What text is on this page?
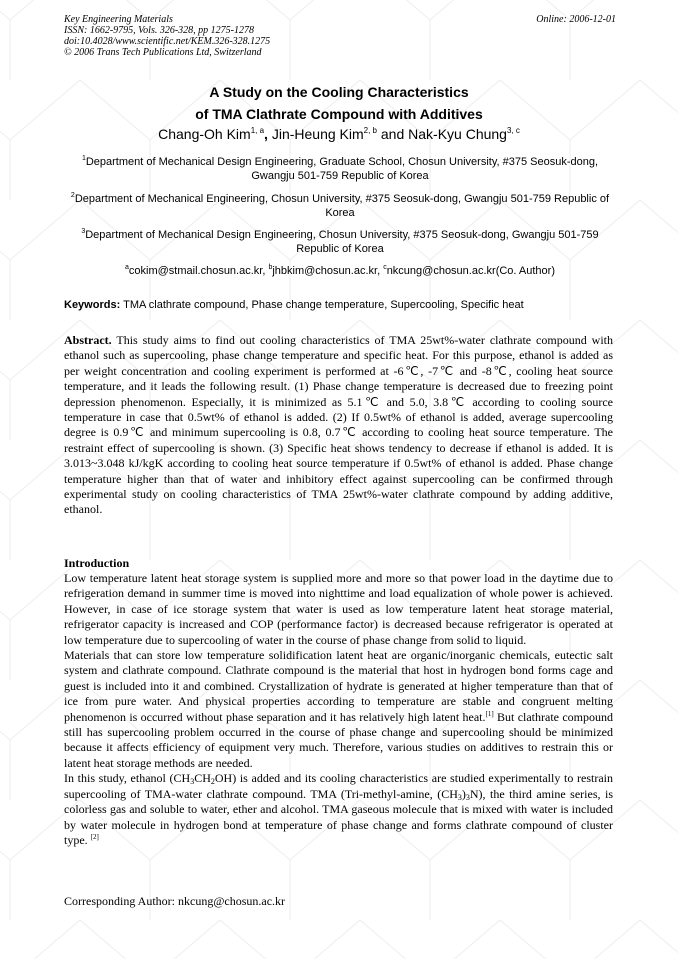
Key Engineering Materials
ISSN: 1662-9795, Vols. 326-328, pp 1275-1278
doi:10.4028/www.scientific.net/KEM.326-328.1275
© 2006 Trans Tech Publications Ltd, Switzerland
Online: 2006-12-01
A Study on the Cooling Characteristics
of TMA Clathrate Compound with Additives
Chang-Oh Kim$^{1, a}$, Jin-Heung Kim$^{2, b}$ and Nak-Kyu Chung$^{3, c}$
$^1$Department of Mechanical Design Engineering, Graduate School, Chosun University, #375 Seosuk-dong, Gwangju 501-759 Republic of Korea
$^2$Department of Mechanical Engineering, Chosun University, #375 Seosuk-dong, Gwangju 501-759 Republic of Korea
$^3$Department of Mechanical Design Engineering, Chosun University, #375 Seosuk-dong, Gwangju 501-759 Republic of Korea
$^a$cokim@stmail.chosun.ac.kr, $^b$jhbkim@chosun.ac.kr, $^c$nkcung@chosun.ac.kr(Co. Author)
Keywords: TMA clathrate compound, Phase change temperature, Supercooling, Specific heat

Abstract. This study aims to find out cooling characteristics of TMA 25wt%-water clathrate compound with ethanol such as supercooling, phase change temperature and specific heat. For this purpose, ethanol is added as per weight concentration and cooling experiment is performed at -6℃, -7℃ and -8℃, cooling heat source temperature, and it leads the following result. (1) Phase change temperature is decreased due to freezing point depression phenomenon. Especially, it is minimized as 5.1℃ and 5.0, 3.8℃ according to cooling source temperature in case that 0.5wt% of ethanol is added. (2) If 0.5wt% of ethanol is added, average supercooling degree is 0.9℃ and minimum supercooling is 0.8, 0.7℃ according to cooling heat source temperature. The restraint effect of supercooling is shown. (3) Specific heat shows tendency to decrease if ethanol is added. It is 3.013~3.048 kJ/kgK according to cooling heat source temperature if 0.5wt% of ethanol is added. Phase change temperature higher than that of water and inhibitory effect against supercooling can be confirmed through experimental study on cooling characteristics of TMA 25wt%-water clathrate compound by adding additive, ethanol.

Introduction

Low temperature latent heat storage system is supplied more and more so that power load in the daytime due to refrigeration demand in summer time is moved into nighttime and load equalization of whole power is achieved. However, in case of ice storage system that water is used as low temperature latent heat storage material, refrigerator capacity is increased and COP (performance factor) is decreased because refrigerator is operated at low temperature due to supercooling of water in the course of phase change from solid to liquid.

Materials that can store low temperature solidification latent heat are organic/inorganic chemicals, eutectic salt system and clathrate compound. Clathrate compound is the material that host in hydrogen bond forms cage and guest is included into it and combined. Crystallization of hydrate is generated at higher temperature than that of ice from pure water. And physical properties according to temperature are stable and congruent melting phenomenon is occurred without phase separation and it has relatively high latent heat.[1] But clathrate compound still has supercooling problem occurred in the course of phase change and supercooling should be minimized because it affects efficiency of equipment very much. Therefore, various studies on additives to restrain this or latent heat storage methods are needed.

In this study, ethanol $(CH_3CH_2OH)$ is added and its cooling characteristics are studied experimentally to restrain supercooling of TMA-water clathrate compound. TMA (Tri-methyl-amine, $(CH_3)_3N$), the third amine series, is colorless gas and soluble to water, ether and alcohol. TMA gaseous molecule that is mixed with water is included by water molecule in hydrogen bond at temperature of phase change and forms clathrate compound of cluster type. [2]

Corresponding Author: nkcung@chosun.ac.kr
